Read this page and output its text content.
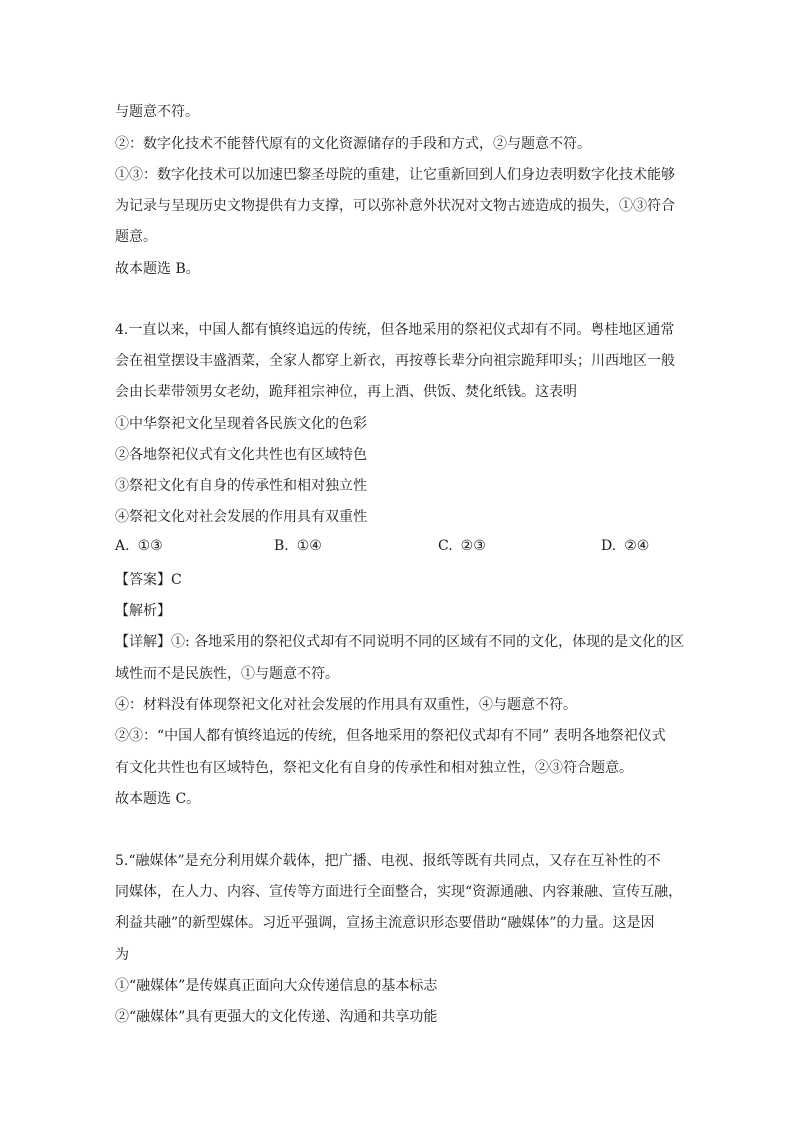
与题意不符。
②：数字化技术不能替代原有的文化资源储存的手段和方式，②与题意不符。
①③：数字化技术可以加速巴黎圣母院的重建，让它重新回到人们身边表明数字化技术能够
为记录与呈现历史文物提供有力支撑，可以弥补意外状况对文物古迹造成的损失，①③符合
题意。
故本题选 B。
4.一直以来，中国人都有慎终追远的传统，但各地采用的祭祀仪式却有不同。粤桂地区通常
会在祖堂摆设丰盛酒菜，全家人都穿上新衣，再按尊长辈分向祖宗跪拜叩头；川西地区一般
会由长辈带领男女老幼，跪拜祖宗神位，再上酒、供饭、焚化纸钱。这表明
①中华祭祀文化呈现着各民族文化的色彩
②各地祭祀仪式有文化共性也有区域特色
③祭祀文化有自身的传承性和相对独立性
④祭祀文化对社会发展的作用具有双重性
A. ①③	B. ①④	C. ②③	D. ②④
【答案】C
【解析】
【详解】①: 各地采用的祭祀仪式却有不同说明不同的区域有不同的文化，体现的是文化的区
域性而不是民族性，①与题意不符。
④：材料没有体现祭祀文化对社会发展的作用具有双重性，④与题意不符。
②③：“中国人都有慎终追远的传统，但各地采用的祭祀仪式却有不同” 表明各地祭祀仪式
有文化共性也有区域特色，祭祀文化有自身的传承性和相对独立性，②③符合题意。
故本题选 C。
5.“融媒体”是充分利用媒介载体，把广播、电视、报纸等既有共同点，又存在互补性的不
同媒体，在人力、内容、宣传等方面进行全面整合，实现“资源通融、内容兼融、宣传互融，
利益共融”的新型媒体。习近平强调，宣扬主流意识形态要借助“融媒体”的力量。这是因
为
①“融媒体”是传媒真正面向大众传递信息的基本标志
②“融媒体”具有更强大的文化传递、沟通和共享功能
